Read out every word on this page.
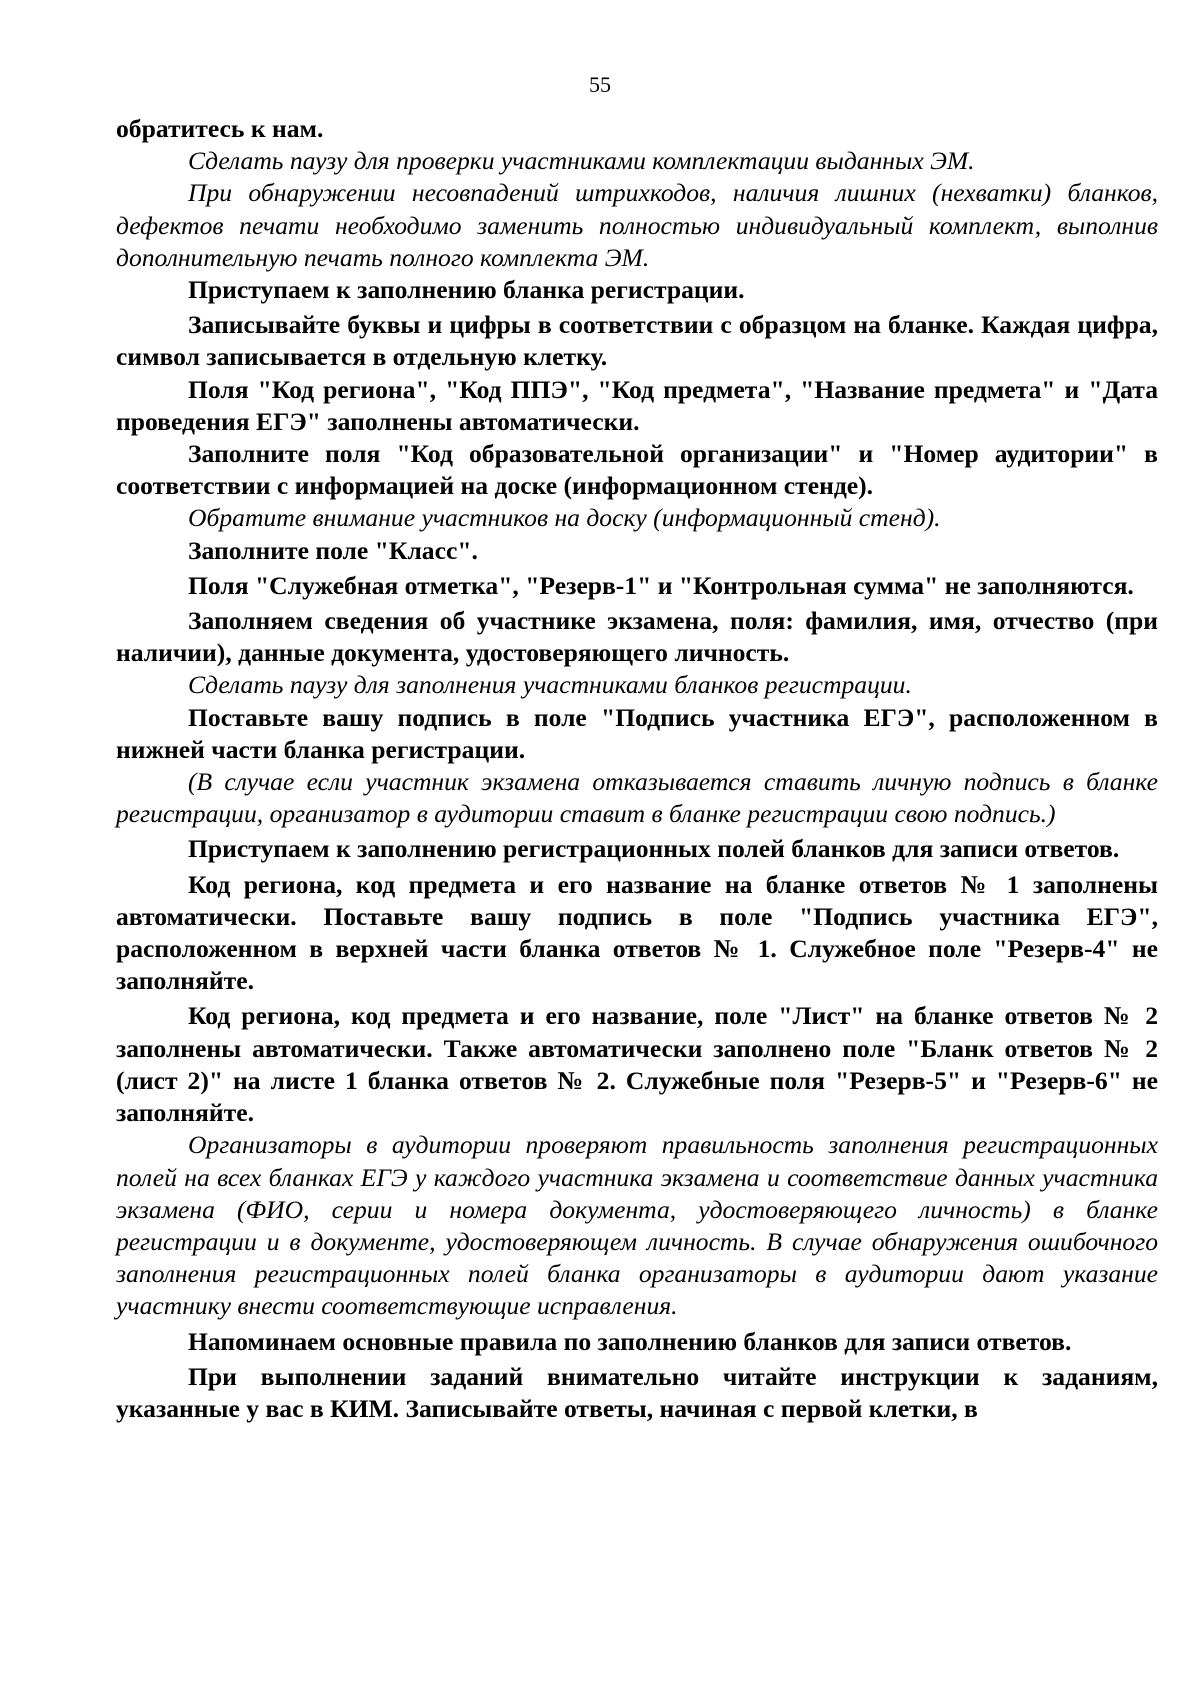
55

обратитесь к нам.

Сделать паузу для проверки участниками комплектации выданных ЭМ.

При обнаружении несовпадений штрихкодов, наличия лишних (нехватки) бланков, дефектов печати необходимо заменить полностью индивидуальный комплект, выполнив дополнительную печать полного комплекта ЭМ.

Приступаем к заполнению бланка регистрации.

Записывайте буквы и цифры в соответствии с образцом на бланке. Каждая цифра, символ записывается в отдельную клетку.

Поля "Код региона", "Код ППЭ", "Код предмета", "Название предмета" и "Дата проведения ЕГЭ" заполнены автоматически.

Заполните поля "Код образовательной организации" и "Номер аудитории" в соответствии с информацией на доске (информационном стенде).

Обратите внимание участников на доску (информационный стенд).

Заполните поле "Класс".

Поля "Служебная отметка", "Резерв-1" и "Контрольная сумма" не заполняются.

Заполняем сведения об участнике экзамена, поля: фамилия, имя, отчество (при наличии), данные документа, удостоверяющего личность.

Сделать паузу для заполнения участниками бланков регистрации.

Поставьте вашу подпись в поле "Подпись участника ЕГЭ", расположенном в нижней части бланка регистрации.

(В случае если участник экзамена отказывается ставить личную подпись в бланке регистрации, организатор в аудитории ставит в бланке регистрации свою подпись.)

Приступаем к заполнению регистрационных полей бланков для записи ответов.

Код региона, код предмета и его название на бланке ответов № 1 заполнены автоматически. Поставьте вашу подпись в поле "Подпись участника ЕГЭ", расположенном в верхней части бланка ответов № 1. Служебное поле "Резерв-4" не заполняйте.

Код региона, код предмета и его название, поле "Лист" на бланке ответов № 2 заполнены автоматически. Также автоматически заполнено поле "Бланк ответов № 2 (лист 2)" на листе 1 бланка ответов № 2. Служебные поля "Резерв-5" и "Резерв-6" не заполняйте.

Организаторы в аудитории проверяют правильность заполнения регистрационных полей на всех бланках ЕГЭ у каждого участника экзамена и соответствие данных участника экзамена (ФИО, серии и номера документа, удостоверяющего личность) в бланке регистрации и в документе, удостоверяющем личность. В случае обнаружения ошибочного заполнения регистрационных полей бланка организаторы в аудитории дают указание участнику внести соответствующие исправления.

Напоминаем основные правила по заполнению бланков для записи ответов.

При выполнении заданий внимательно читайте инструкции к заданиям, указанные у вас в КИМ. Записывайте ответы, начиная с первой клетки, в
